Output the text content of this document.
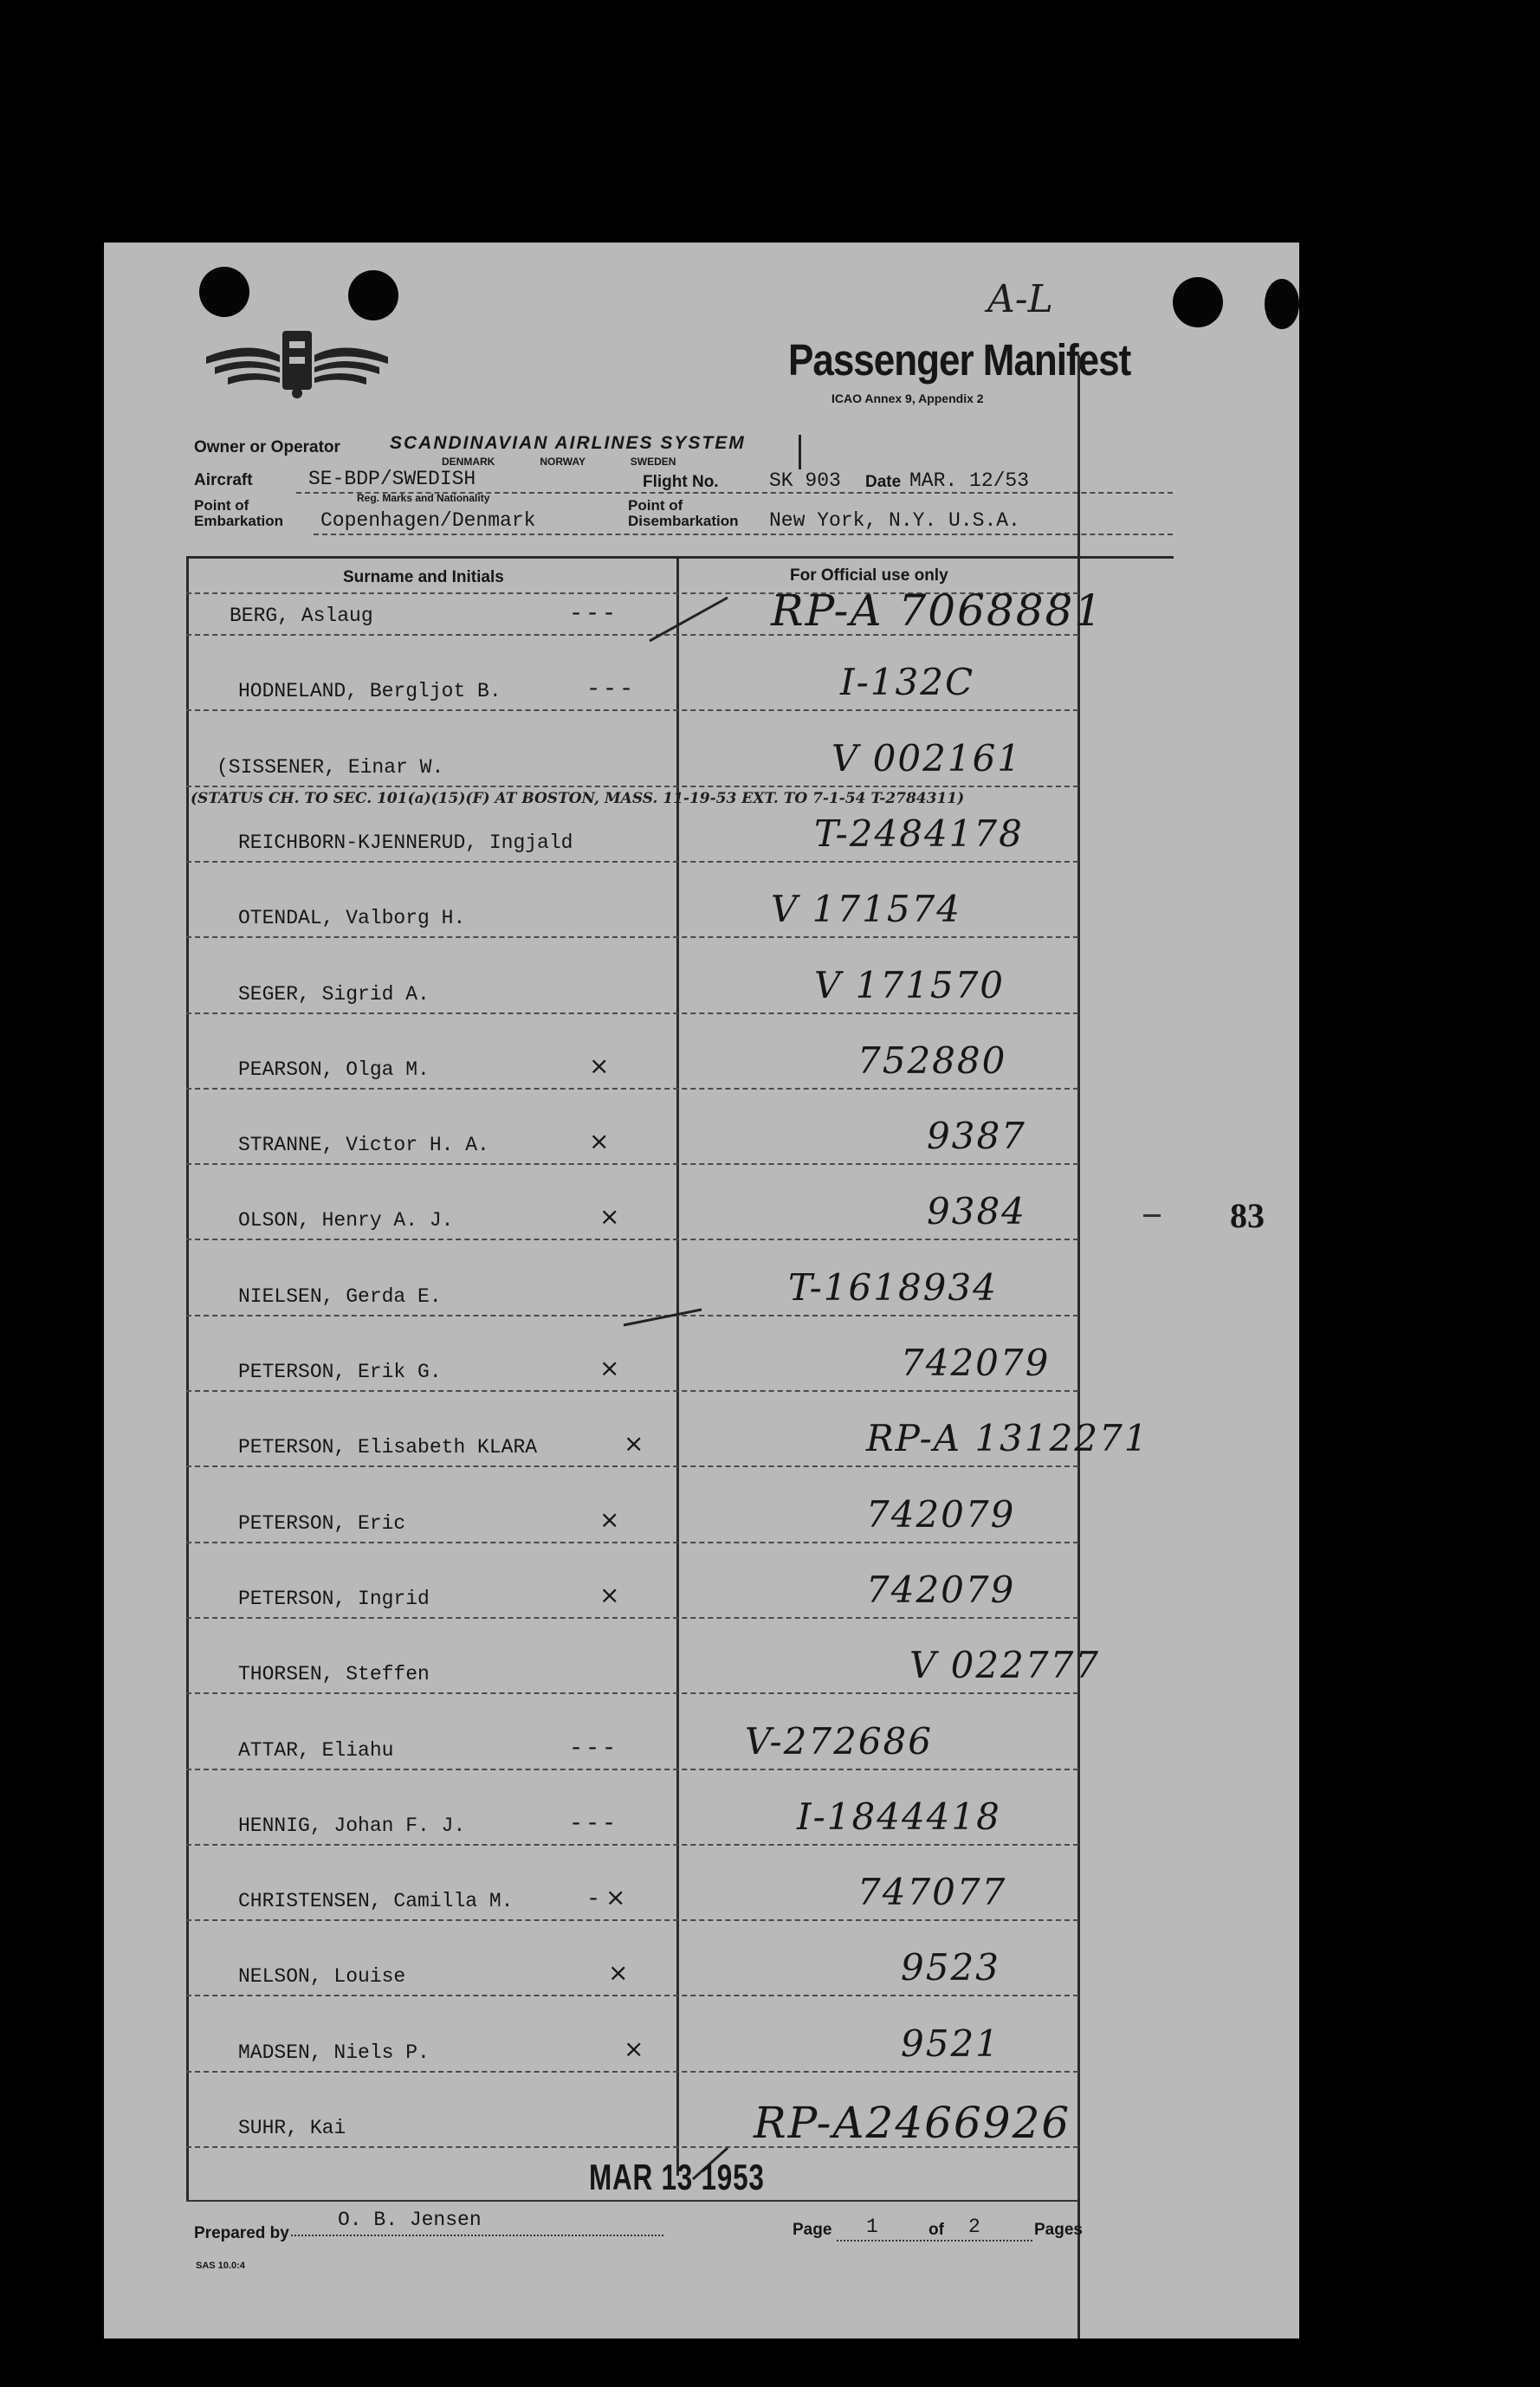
A-L
Passenger Manifest
ICAO Annex 9, Appendix 2
Owner or Operator	SCANDINAVIAN AIRLINES SYSTEM
DENMARK   NORWAY   SWEDEN
Aircraft	SE-BDP/SWEDISH
Reg. Marks and Nationality
Flight No.	SK 903 Date MAR. 12/53
Point of
Embarkation Copenhagen/Denmark
Point of
Disembarkation New York, N.Y. U.S.A.
Surname and Initials	For Official use only
BERG, Aslaug	- - -	RP-A 7068881
HODNELAND, Bergljot B.	- - -	I-132C
(SISSENER, Einar W.	V 002161
REICHBORN-KJENNERUD, Ingjald	T-2484178
OTENDAL, Valborg H.	V 171574
SEGER, Sigrid A.	V 171570
PEARSON, Olga M.	×	752880
STRANNE, Victor H. A.	×	9387
OLSON, Henry A. J.	×	9384
NIELSEN, Gerda E.	T-1618934
PETERSON, Erik G.	×	742079
PETERSON, Elisabeth KLARA	×	RP-A 1312271
PETERSON, Eric	×	742079
PETERSON, Ingrid	×	742079
THORSEN, Steffen	V 022777
ATTAR, Eliahu	- - -	V-272686
HENNIG, Johan F. J.	- - -	I-1844418
CHRISTENSEN, Camilla M.	- ×	747077
NELSON, Louise	×	9523
MADSEN, Niels P.	×	9521
SUHR, Kai	RP-A2466926
(STATUS CH. TO SEC. 101(a)(15)(F) AT BOSTON, MASS. 11-19-53 EXT. TO 7-1-54 T-2784311)
83
MAR 13 1953
Prepared by
O. B. Jensen	Page 1	of 2	Pages
SAS 10.0:4
